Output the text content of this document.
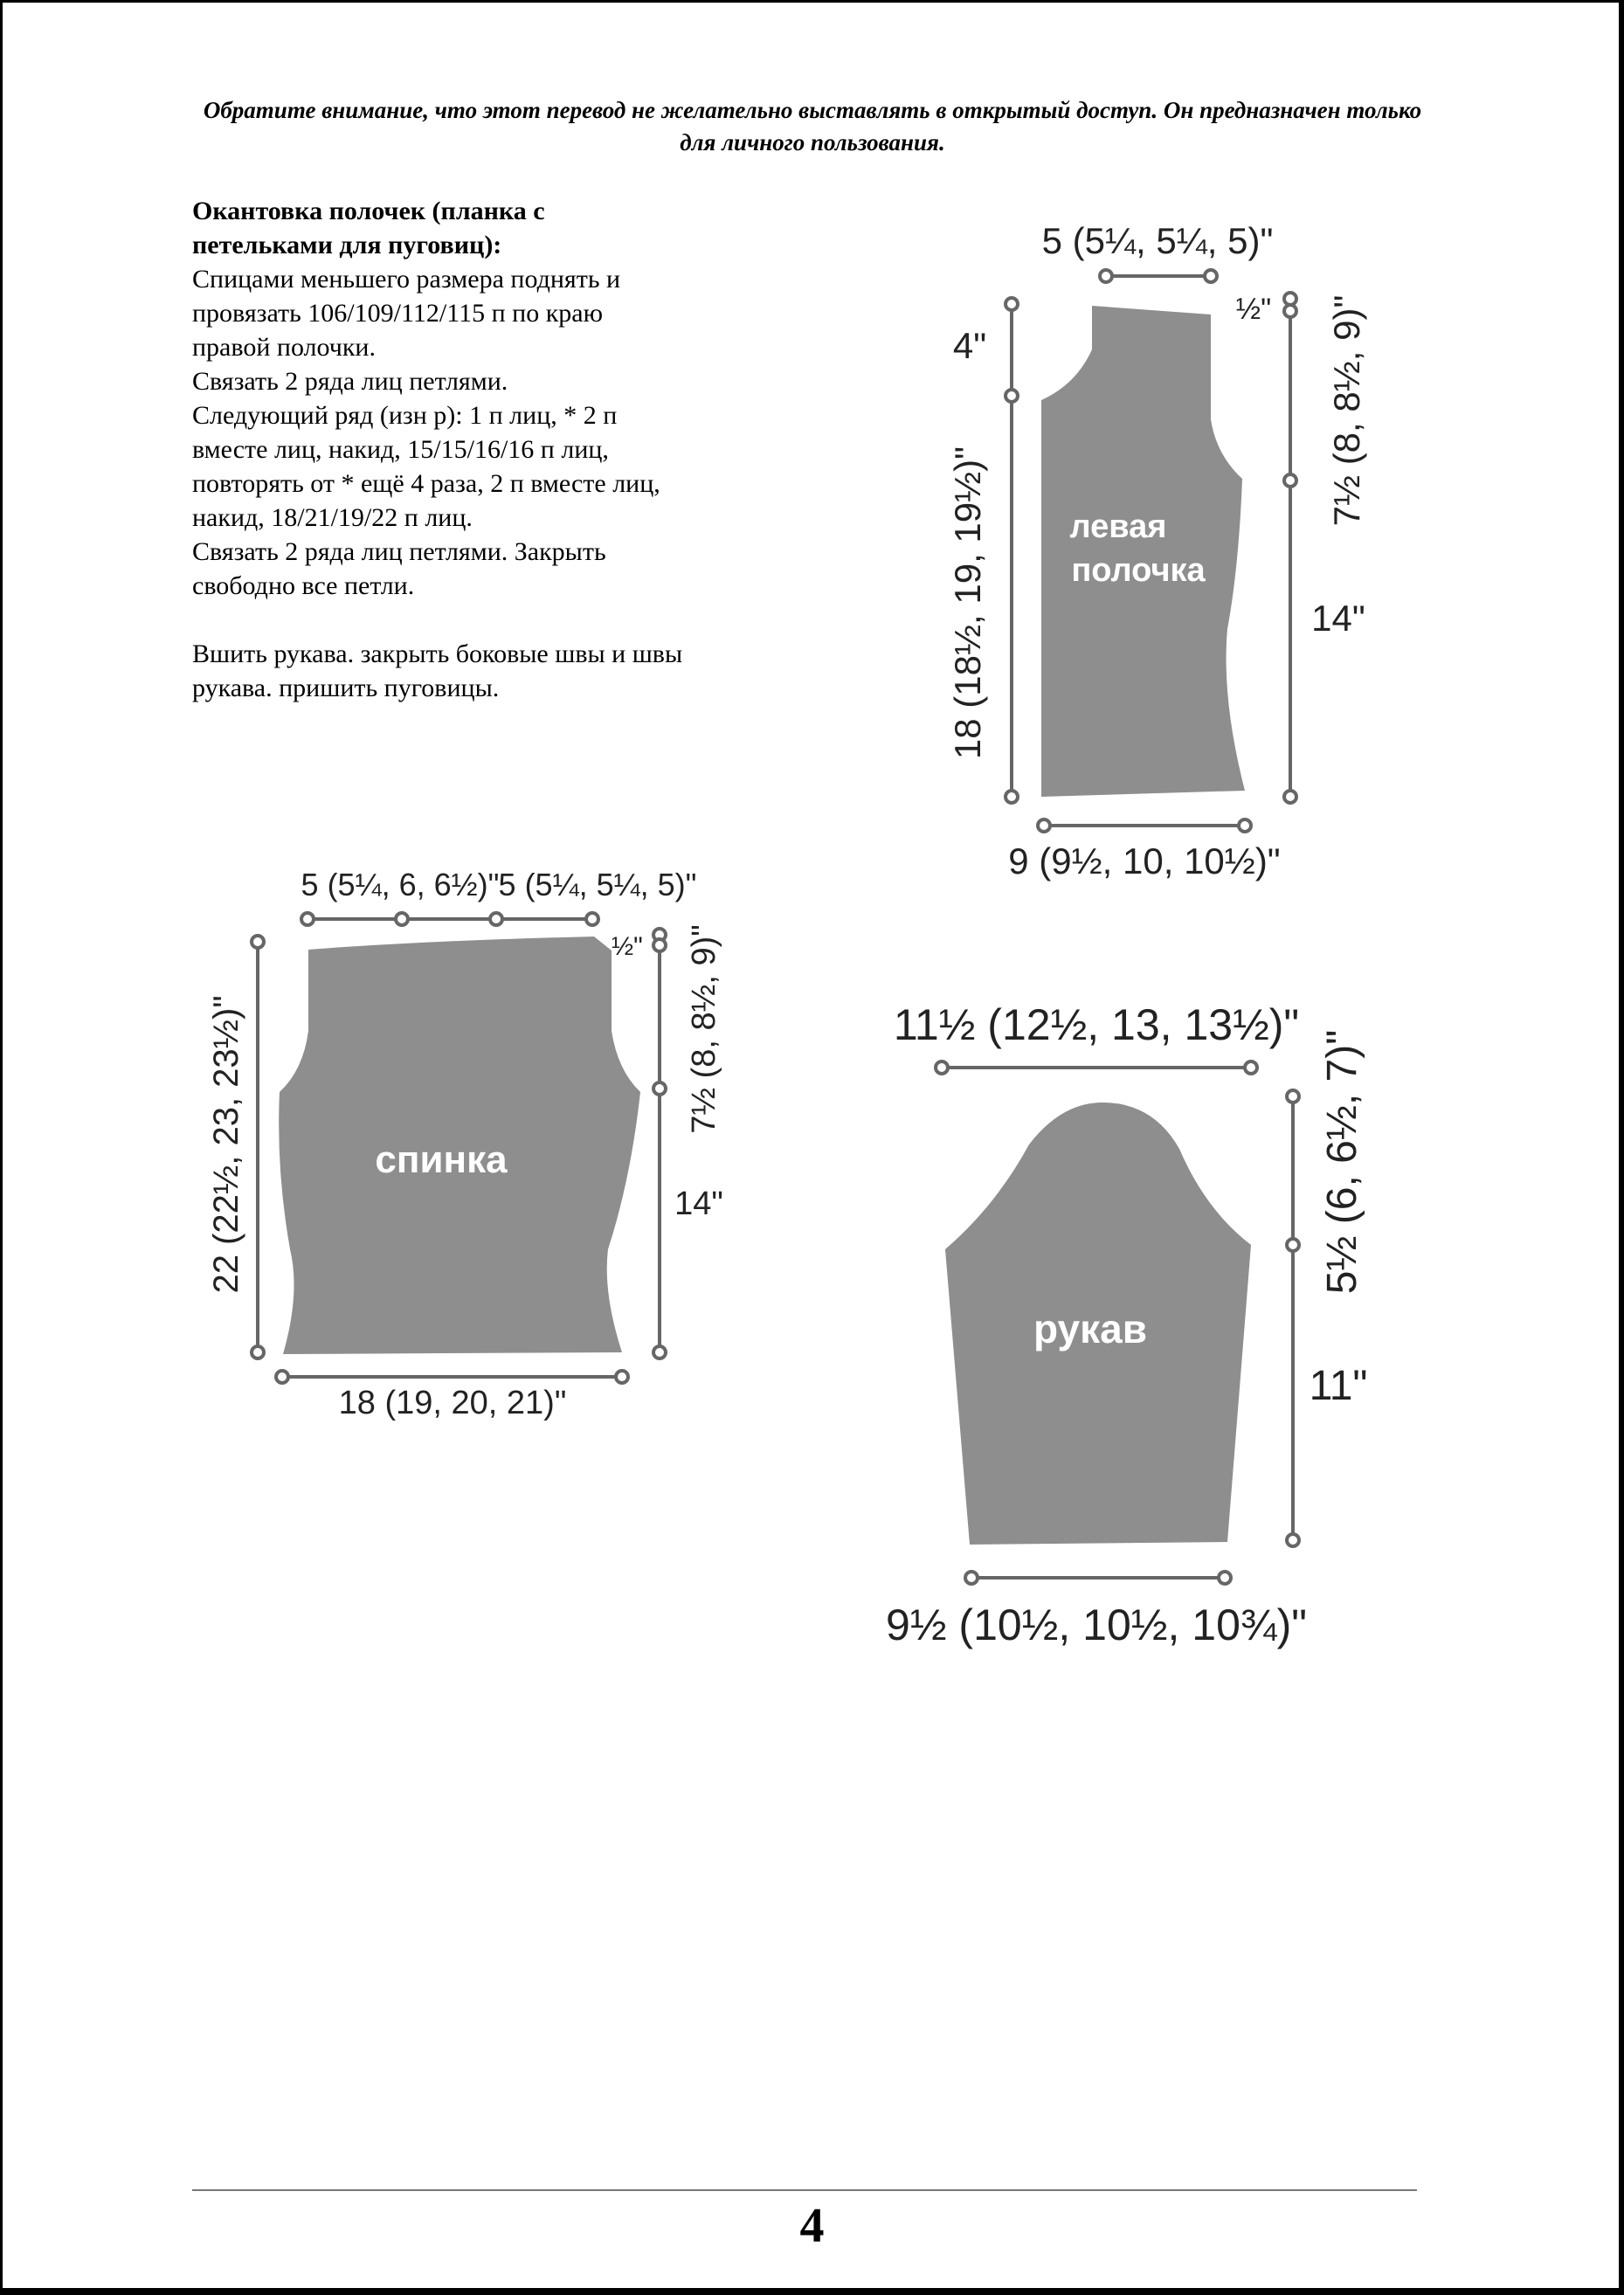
Обратите внимание, что этот перевод не желательно выставлять в открытый доступ. Он предназначен только для личного пользования.
Окантовка полочек (планка с
петельками для пуговиц):
Спицами меньшего размера поднять и
провязать 106/109/112/115 п по краю
правой полочки.
Связать 2 ряда лиц петлями.
Следующий ряд (изн р): 1 п лиц, * 2 п
вместе лиц, накид, 15/15/16/16 п лиц,
повторять от * ещё 4 раза, 2 п вместе лиц,
накид, 18/21/19/22 п лиц.
Связать 2 ряда лиц петлями. Закрыть
свободно все петли.
Вшить рукава. закрыть боковые швы и швы
рукава. пришить пуговицы.
5 (5¼, 5¼, 5)"
4"
18 (18½, 19, 19½)"
½" 7½ (8, 8½, 9)"
14"
9 (9½, 10, 10½)"
левая
полочка
5 (5¼, 6, 6½)" 5 (5¼, 5¼, 5)"
22 (22½, 23, 23½)"
½" 7½ (8, 8½, 9)"
14"
18 (19, 20, 21)"
спинка
11½ (12½, 13, 13½)"
5½ (6, 6½, 7)"
11"
9½ (10½, 10½, 10¾)"
рукав
4
